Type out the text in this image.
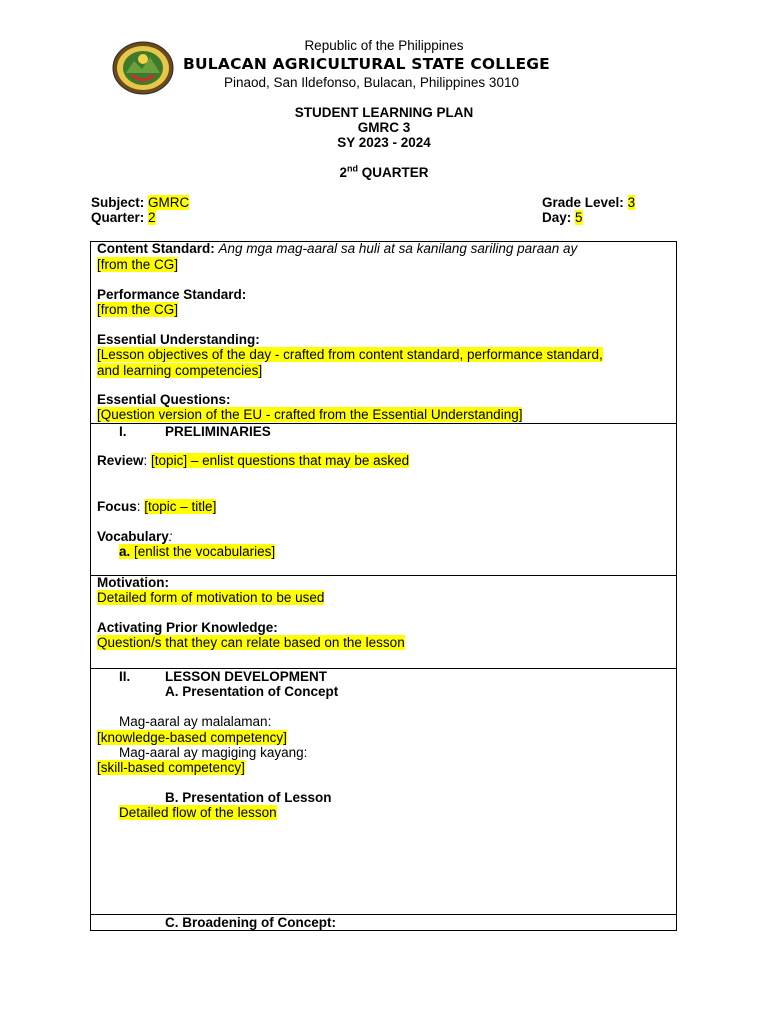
Republic of the Philippines
BULACAN AGRICULTURAL STATE COLLEGE
Pinaod, San Ildefonso, Bulacan, Philippines 3010
STUDENT LEARNING PLAN
GMRC 3
SY 2023 - 2024
2nd QUARTER
Subject: GMRC
Quarter: 2
Grade Level: 3
Day: 5
Content Standard: Ang mga mag-aaral sa huli at sa kanilang sariling paraan ay
[from the CG]
Performance Standard:
[from the CG]
Essential Understanding:
[Lesson objectives of the day - crafted from content standard, performance standard,
and learning competencies]
Essential Questions:
[Question version of the EU - crafted from the Essential Understanding]
I.	PRELIMINARIES
Review: [topic] – enlist questions that may be asked
Focus: [topic – title]
Vocabulary:
a. [enlist the vocabularies]
Motivation:
Detailed form of motivation to be used
Activating Prior Knowledge:
Question/s that they can relate based on the lesson
II.	LESSON DEVELOPMENT
A. Presentation of Concept
Mag-aaral ay malalaman:
[knowledge-based competency]
Mag-aaral ay magiging kayang:
[skill-based competency]
B. Presentation of Lesson
Detailed flow of the lesson
C. Broadening of Concept:
